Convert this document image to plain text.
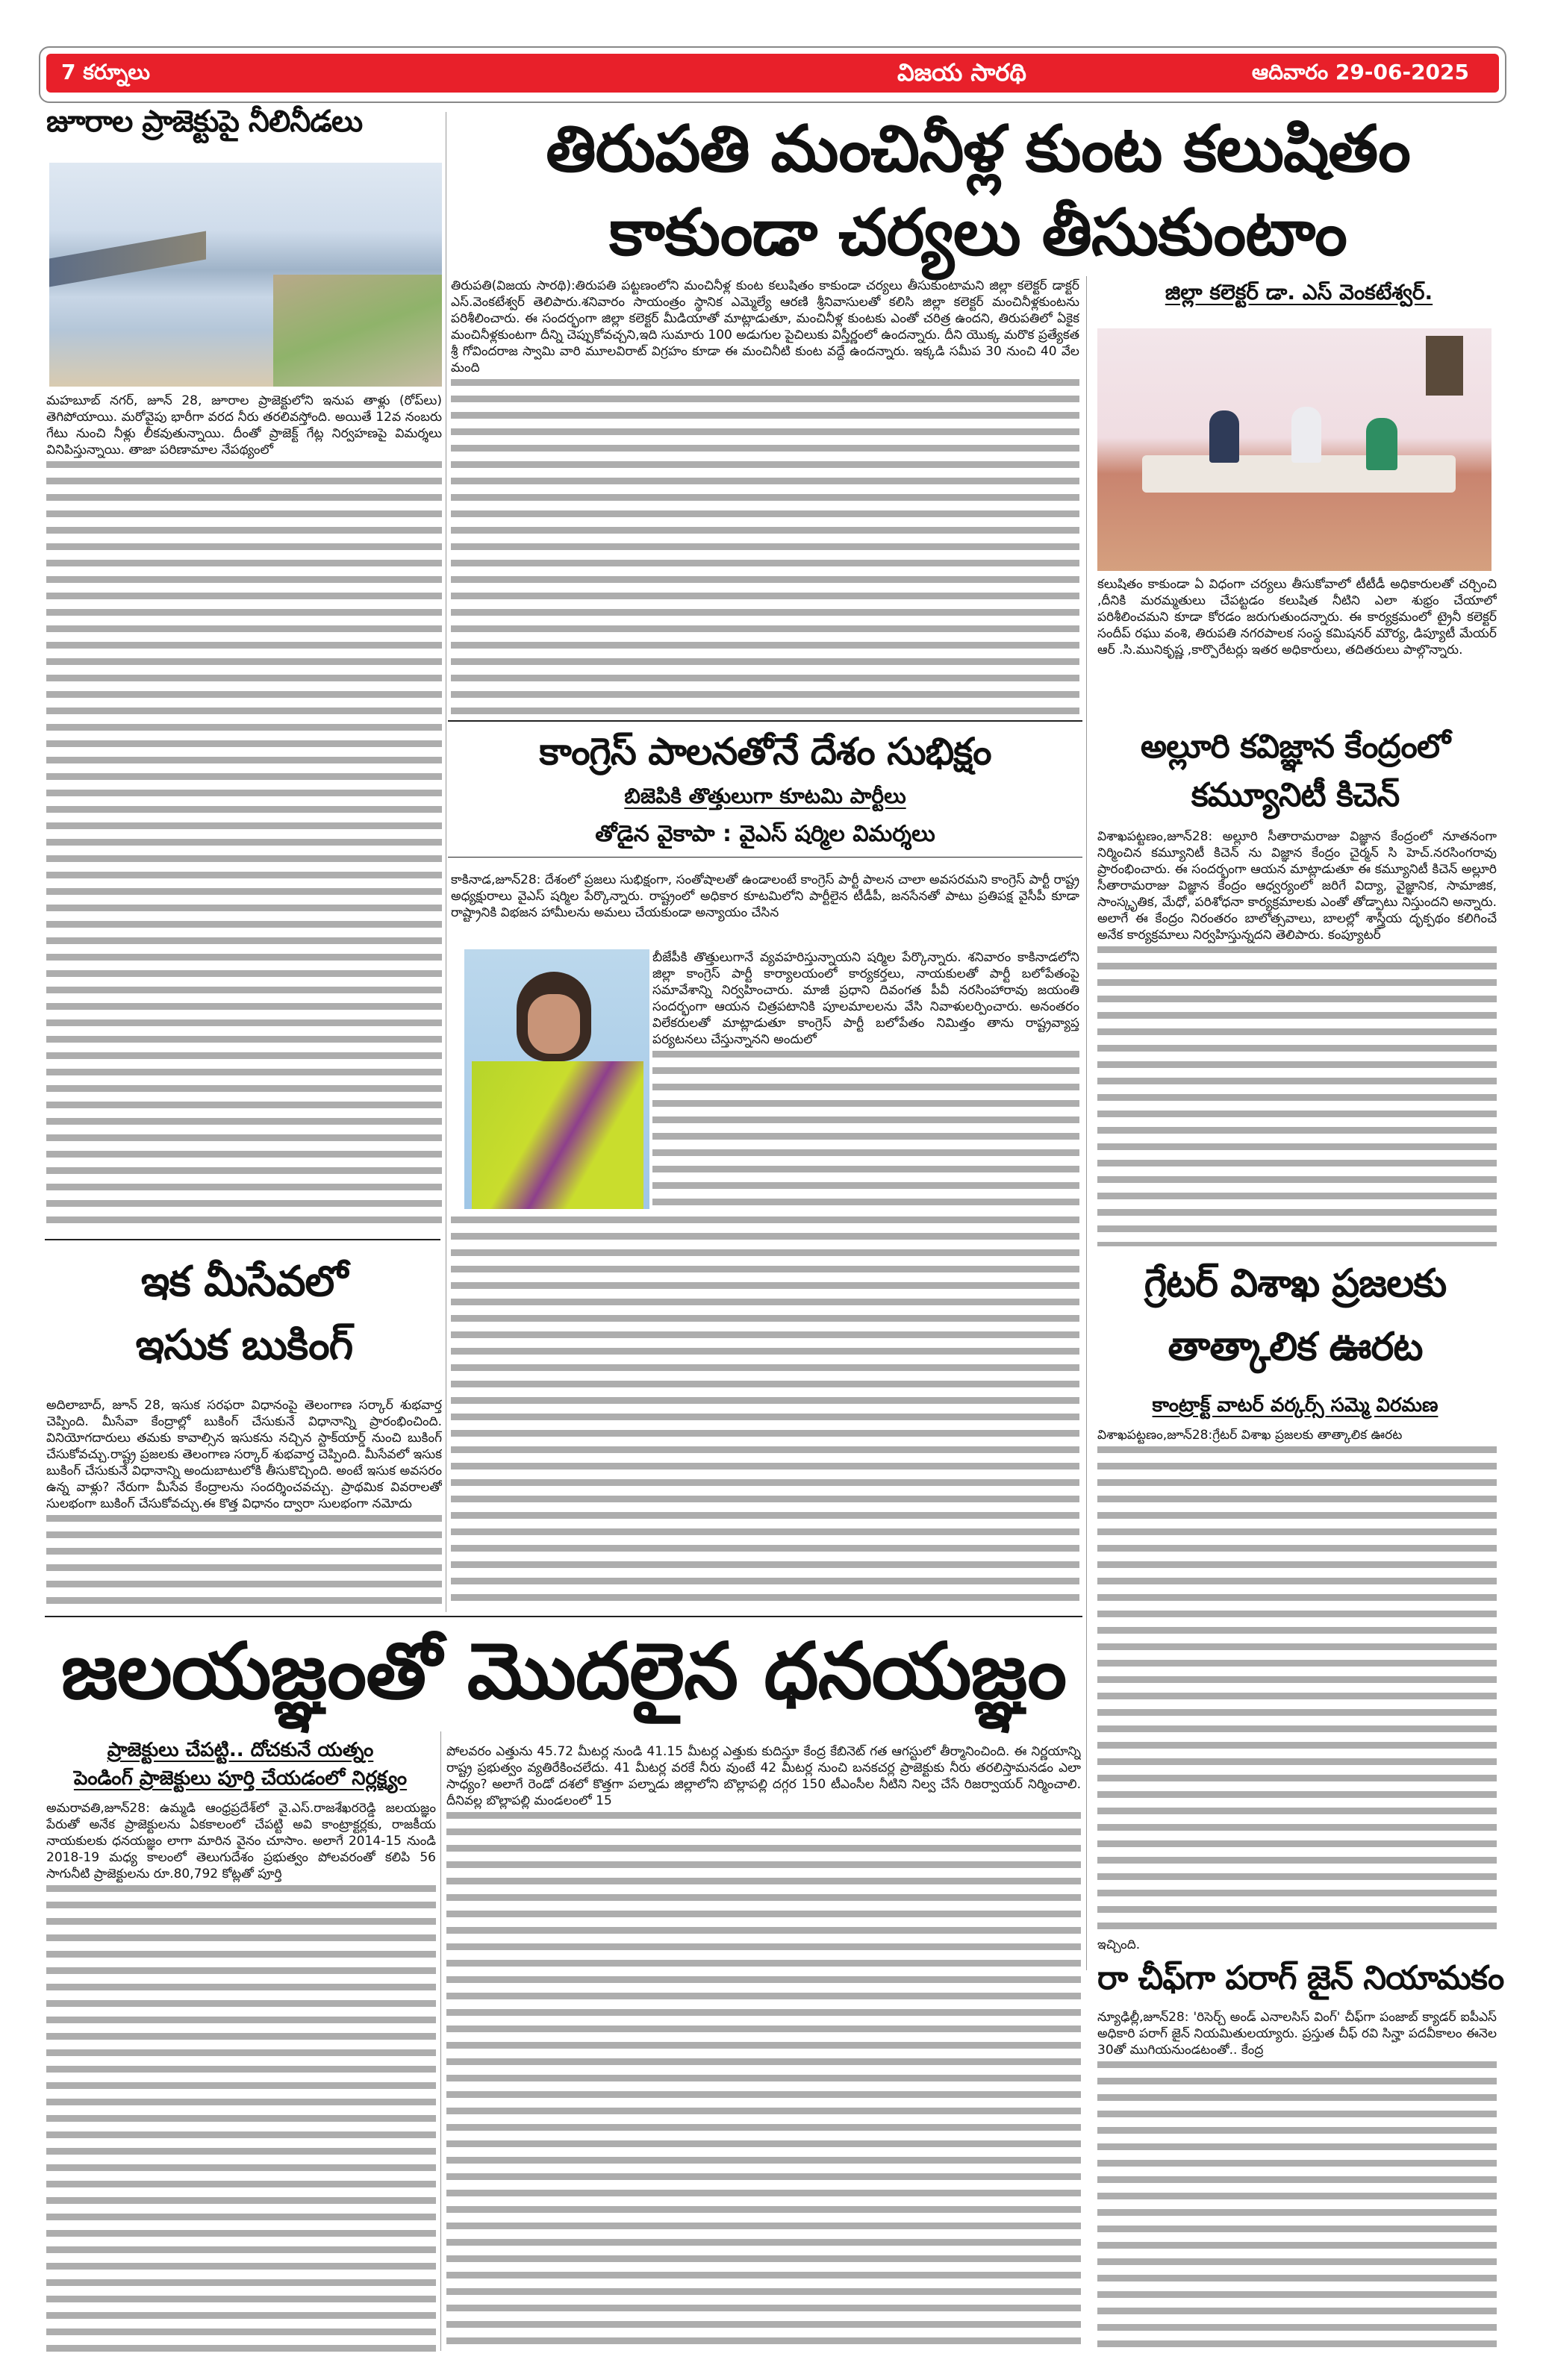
7 కర్నూలు	విజయ సారథి	ఆదివారం 29-06-2025
జూరాల ప్రాజెక్టుపై నీలినీడలు

మహబూబ్ నగర్, జూన్ 28, జూరాల ప్రాజెక్టులోని ఇనుప తాళ్లు (రోప్‌లు) తెగిపోయాయి. మరోవైపు భారీగా వరద నీరు తరలివస్తోంది. అయితే 12వ నంబరు గేటు నుంచి నీళ్లు లీకవుతున్నాయి. దీంతో ప్రాజెక్ట్ గేట్ల నిర్వహణపై విమర్శలు వినిపిస్తున్నాయి. తాజా పరిణామాల నేపథ్యంలో

తిరుపతి మంచినీళ్ల కుంట కలుషితం
కాకుండా చర్యలు తీసుకుంటాం
జిల్లా కలెక్టర్ డా. ఎస్ వెంకటేశ్వర్.

తిరుపతి(విజయ సారథి):తిరుపతి పట్టణంలోని మంచినీళ్ల కుంట కలుషితం కాకుండా చర్యలు తీసుకుంటామని జిల్లా కలెక్టర్ డాక్టర్ ఎస్.వెంకటేశ్వర్ తెలిపారు.శనివారం సాయంత్రం స్థానిక ఎమ్మెల్యే ఆరణి శ్రీనివాసులతో కలిసి జిల్లా కలెక్టర్ మంచినీళ్లకుంటను పరిశీలించారు. ఈ సందర్భంగా జిల్లా కలెక్టర్ మీడియాతో మాట్లాడుతూ, మంచినీళ్ల కుంటకు ఎంతో చరిత్ర ఉందని, తిరుపతిలో ఏకైక మంచినీళ్లకుంటగా దీన్ని చెప్పుకోవచ్చని,ఇది సుమారు 100 అడుగుల పైచిలుకు విస్తీర్ణంలో ఉందన్నారు. దీని యొక్క మరొక ప్రత్యేకత శ్రీ గోవిందరాజ స్వామి వారి మూలవిరాట్ విగ్రహం కూడా ఈ మంచినీటి కుంట వద్దే ఉందన్నారు. ఇక్కడి సమీప 30 నుంచి 40 వేల మంది

కలుషితం కాకుండా ఏ విధంగా చర్యలు తీసుకోవాలో టీటీడీ అధికారులతో చర్చించి ,దీనికి మరమ్మతులు చేపట్టడం కలుషిత నీటిని ఎలా శుభ్రం చేయాలో పరిశీలించమని కూడా కోరడం జరుగుతుందన్నారు. ఈ కార్యక్రమంలో ట్రైనీ కలెక్టర్ సందీప్ రఘు వంశి, తిరుపతి నగరపాలక సంస్థ కమిషనర్ మౌర్య, డిప్యూటీ మేయర్ ఆర్ .సి.మునికృష్ణ ,కార్పొరేటర్లు ఇతర అధికారులు, తదితరులు పాల్గొన్నారు.

కాంగ్రెస్ పాలనతోనే దేశం సుభిక్షం
బిజెపికి తొత్తులుగా కూటమి పార్టీలు
తోడైన వైకాపా : వైఎస్ షర్మిల విమర్శలు

కాకినాడ,జూన్28: దేశంలో ప్రజలు సుభిక్షంగా, సంతోషాలతో ఉండాలంటే కాంగ్రెస్ పార్టీ పాలన చాలా అవసరమని కాంగ్రెస్ పార్టీ రాష్ట్ర అధ్యక్షురాలు వైఎస్ షర్మిల పేర్కొన్నారు. రాష్ట్రంలో అధికార కూటమిలోని పార్టీలైన టీడీపీ, జనసేనతో పాటు ప్రతిపక్ష వైసీపీ కూడా రాష్ట్రానికి విభజన హామీలను అమలు చేయకుండా అన్యాయం చేసిన

బీజేపీకి తొత్తులుగానే వ్యవహరిస్తున్నాయని షర్మిల పేర్కొన్నారు. శనివారం కాకినాడలోని జిల్లా కాంగ్రెస్ పార్టీ కార్యాలయంలో కార్యకర్తలు, నాయకులతో పార్టీ బలోపేతంపై సమావేశాన్ని నిర్వహించారు. మాజీ ప్రధాని దివంగత పీవీ నరసింహారావు జయంతి సందర్భంగా ఆయన చిత్రపటానికి పూలమాలలను వేసి నివాళులర్పించారు. అనంతరం విలేకరులతో మాట్లాడుతూ కాంగ్రెస్ పార్టీ బలోపేతం నిమిత్తం తాను రాష్ట్రవ్యాప్త పర్యటనలు చేస్తున్నానని అందులో

అల్లూరి కవిజ్ఞాన కేంద్రంలో
కమ్యూనిటీ కిచెన్

విశాఖపట్టణం,జూన్28: అల్లూరి సీతారామరాజు విజ్ఞాన కేంద్రంలో నూతనంగా నిర్మించిన కమ్యూనిటీ కిచెన్ ను విజ్ఞాన కేంద్రం చైర్మన్ సి హెచ్.నరసింగరావు ప్రారంభించారు. ఈ సందర్భంగా ఆయన మాట్లాడుతూ ఈ కమ్యూనిటీ కిచెన్ అల్లూరి సీతారామరాజు విజ్ఞాన కేంద్రం ఆధ్వర్యంలో జరిగే విద్యా, వైజ్ఞానిక, సామాజిక, సాంస్కృతిక, మేధో, పరిశోధనా కార్యక్రమాలకు ఎంతో తోడ్పాటు నిస్తుందని అన్నారు. అలాగే ఈ కేంద్రం నిరంతరం బాలోత్సవాలు, బాలల్లో శాస్త్రీయ దృక్పథం కలిగించే అనేక కార్యక్రమాలు నిర్వహిస్తున్నదని తెలిపారు. కంప్యూటర్

ఇక మీసేవలో
ఇసుక బుకింగ్

అదిలాబాద్, జూన్ 28, ఇసుక సరఫరా విధానంపై తెలంగాణ సర్కార్ శుభవార్త చెప్పింది. మీసేవా కేంద్రాల్లో బుకింగ్ చేసుకునే విధానాన్ని ప్రారంభించింది. వినియోగదారులు తమకు కావాల్సిన ఇసుకను నచ్చిన స్టాక్‌యార్డ్ నుంచి బుకింగ్ చేసుకోవచ్చు.రాష్ట్ర ప్రజలకు తెలంగాణ సర్కార్ శుభవార్త చెప్పింది. మీసేవలో ఇసుక బుకింగ్ చేసుకునే విధానాన్ని అందుబాటులోకి తీసుకొచ్చింది. అంటే ఇసుక అవసరం ఉన్న వాళ్లు? నేరుగా మీసేవ కేంద్రాలను సందర్శించవచ్చు. ప్రాథమిక వివరాలతో సులభంగా బుకింగ్ చేసుకోవచ్చు.ఈ కొత్త విధానం ద్వారా సులభంగా నమోదు

గ్రేటర్ విశాఖ ప్రజలకు
తాత్కాలిక ఊరట
కాంట్రాక్ట్ వాటర్ వర్కర్స్ సమ్మె విరమణ

విశాఖపట్టణం,జూన్28:గ్రేటర్ విశాఖ ప్రజలకు తాత్కాలిక ఊరట

ఇచ్చింది.

రా చీఫ్‌గా పరాగ్ జైన్ నియామకం

న్యూఢిల్లీ,జూన్28: 'రిసెర్చ్ అండ్ ఎనాలసిస్ వింగ్' చీఫ్‌గా పంజాబ్ క్యాడర్ ఐపీఎస్ అధికారి పరాగ్ జైన్ నియమితులయ్యారు. ప్రస్తుత చీఫ్ రవి సిన్హా పదవీకాలం ఈనెల 30తో ముగియనుండటంతో.. కేంద్ర

జలయజ్ఞంతో మొదలైన ధనయజ్ఞం
ప్రాజెక్టులు చేపట్టి.. దోచకునే యత్నం
పెండింగ్ ప్రాజెక్టులు పూర్తి చేయడంలో నిర్లక్ష్యం

అమరావతి,జూన్28: ఉమ్మడి ఆంధ్రప్రదేశ్‌లో వై.ఎస్.రాజశేఖరరెడ్డి జలయజ్ఞం పేరుతో అనేక ప్రాజెక్టులను ఏకకాలంలో చేపట్టి అవి కాంట్రాక్టర్లకు, రాజకీయ నాయకులకు ధనయజ్ఞం లాగా మారిన వైనం చూసాం. అలాగే 2014-15 నుండి 2018-19 మధ్య కాలంలో తెలుగుదేశం ప్రభుత్వం పోలవరంతో కలిపి 56 సాగునీటి ప్రాజెక్టులను రూ.80,792 కోట్లతో పూర్తి

పోలవరం ఎత్తును 45.72 మీటర్ల నుండి 41.15 మీటర్ల ఎత్తుకు కుదిస్తూ కేంద్ర కేబినెట్ గత ఆగస్టులో తీర్మానించింది. ఈ నిర్ణయాన్ని రాష్ట్ర ప్రభుత్వం వ్యతిరేకించలేదు. 41 మీటర్ల వరకే నీరు వుంటే 42 మీటర్ల నుంచి బనకచర్ల ప్రాజెక్టుకు నీరు తరలిస్తామనడం ఎలా సాధ్యం? అలాగే రెండో దశలో కొత్తగా పల్నాడు జిల్లాలోని బొల్లాపల్లి దగ్గర 150 టీఎంసీల నీటిని నిల్వ చేసే రిజర్వాయర్ నిర్మించాలి. దీనివల్ల బొల్లాపల్లి మండలంలో 15
